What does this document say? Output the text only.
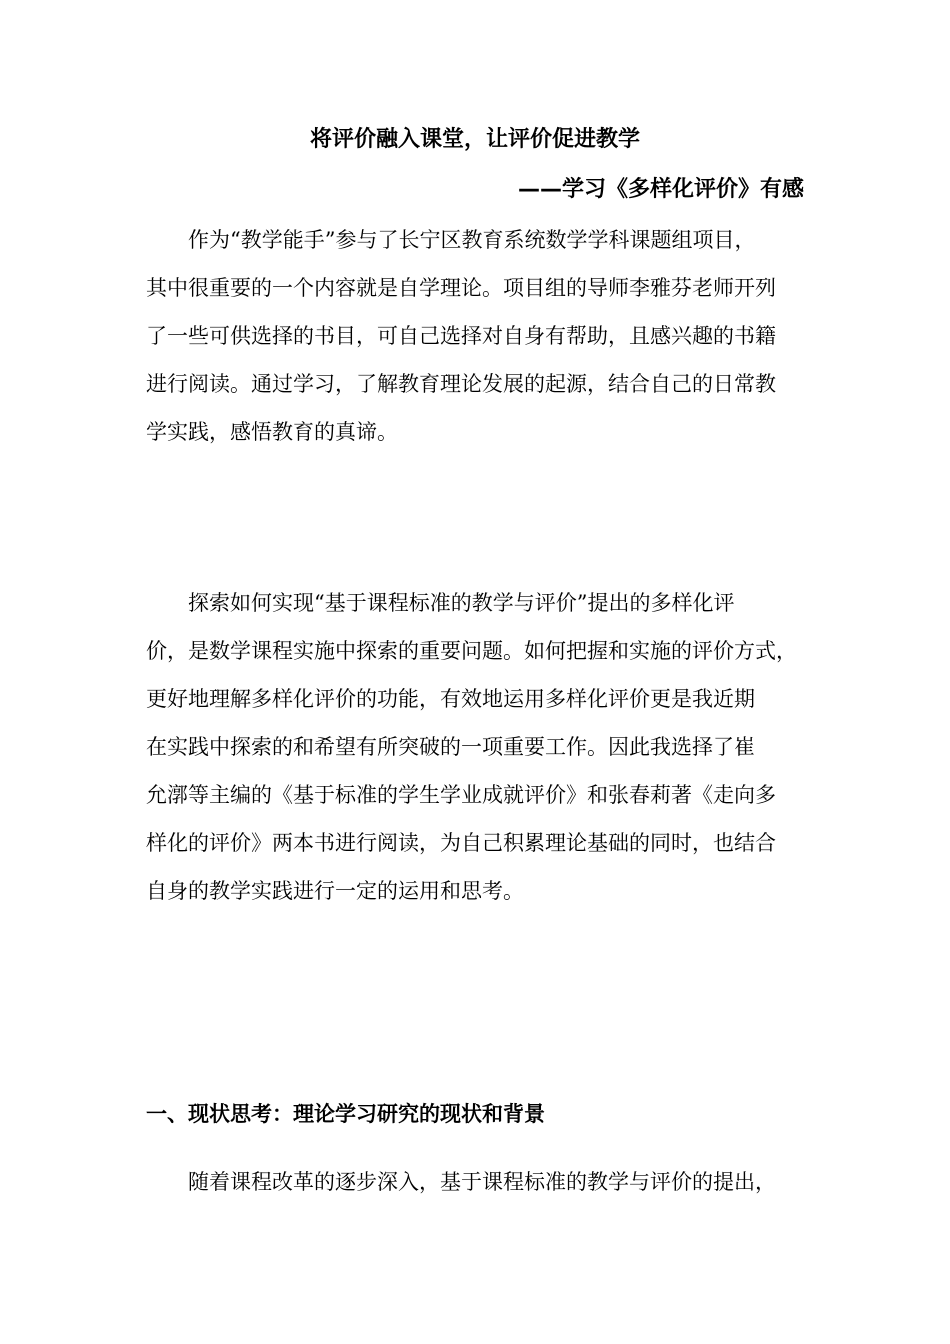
将评价融入课堂，让评价促进教学
——学习《多样化评价》有感
　　作为“教学能手”参与了长宁区教育系统数学学科课题组项目，
其中很重要的一个内容就是自学理论。项目组的导师李雅芬老师开列
了一些可供选择的书目，可自己选择对自身有帮助，且感兴趣的书籍
进行阅读。通过学习，了解教育理论发展的起源，结合自己的日常教
学实践，感悟教育的真谛。
　　探索如何实现“基于课程标准的教学与评价”提出的多样化评
价，是数学课程实施中探索的重要问题。如何把握和实施的评价方式，
更好地理解多样化评价的功能，有效地运用多样化评价更是我近期
在实践中探索的和希望有所突破的一项重要工作。因此我选择了崔
允漷等主编的《基于标准的学生学业成就评价》和张春莉著《走向多
样化的评价》两本书进行阅读，为自己积累理论基础的同时，也结合
自身的教学实践进行一定的运用和思考。
一、现状思考：理论学习研究的现状和背景
　　随着课程改革的逐步深入，基于课程标准的教学与评价的提出，
